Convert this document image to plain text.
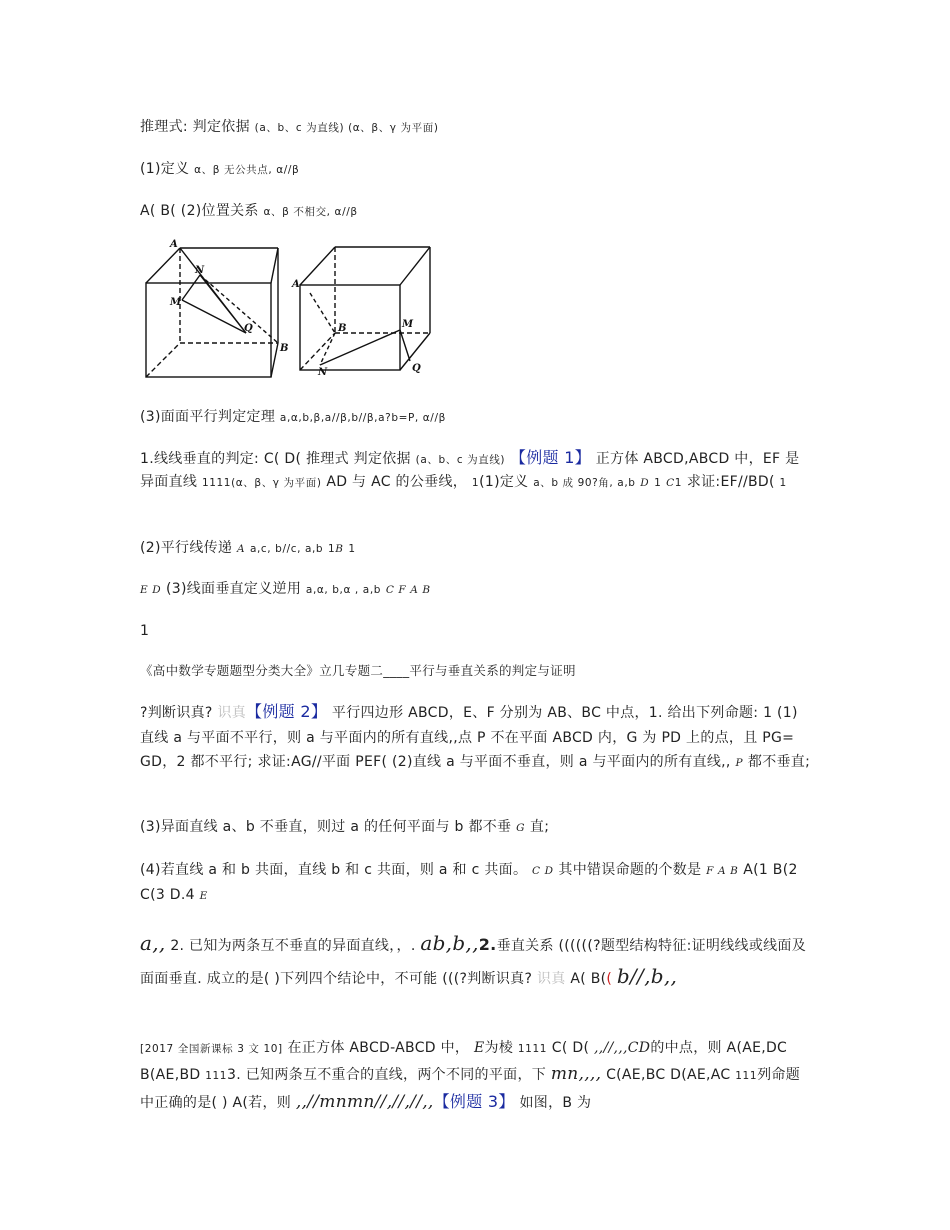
推理式: 判定依据 (a、b、c 为直线) (α、β、γ 为平面)
(1)定义 α、β 无公共点, α//β
A( B( (2)位置关系 α、β 不相交, α//β
A
N
M
Q
B
A
B	M
N	Q
(3)面面平行判定定理 a,α,b,β,a//β,b//β,a?b=P, α//β
1.线线垂直的判定: C( D( 推理式 判定依据 (a、b、c 为直线) 【例题 1】 正方体 ABCD,ABCD 中，EF 是异面直线 1111(α、β、γ 为平面) AD 与 AC 的公垂线， 1(1)定义 a、b 成 90?角, a,b D 1 C1 求证:EF//BD( 1
(2)平行线传递 A a,c, b//c, a,b 1B 1
E D (3)线面垂直定义逆用 a,α, b,α , a,b C F A B
1
《高中数学专题题型分类大全》立几专题二____平行与垂直关系的判定与证明
?判断识真? 识真【例题 2】 平行四边形 ABCD，E、F 分别为 AB、BC 中点，1. 给出下列命题: 1 (1)直线 a 与平面不平行，则 a 与平面内的所有直线,,点 P 不在平面 ABCD 内，G 为 PD 上的点，且 PG= GD，2 都不平行; 求证:AG//平面 PEF( (2)直线 a 与平面不垂直，则 a 与平面内的所有直线,, P 都不垂直;
(3)异面直线 a、b 不垂直，则过 a 的任何平面与 b 都不垂 G 直;
(4)若直线 a 和 b 共面，直线 b 和 c 共面，则 a 和 c 共面。 C D 其中错误命题的个数是 F A B A(1 B(2 C(3 D.4 E
a,, 2. 已知为两条互不垂直的异面直线，，. ab,b,,2.垂直关系 ((((((?题型结构特征:证明线线或线面及面面垂直. 成立的是( )下列四个结论中，不可能 (((?判断识真? 识真 A( B(( b//,b,,
[2017 全国新课标 3 文 10] 在正方体 ABCD-ABCD 中， E为棱 1111 C( D( ,,//,,,CD的中点，则 A(AE,DC B(AE,BD 1113. 已知两条互不重合的直线，两个不同的平面，下 mn,,,, C(AE,BC D(AE,AC 111列命题中正确的是( ) A(若，则 ,,//mnmn//,//,//,,【例题 3】 如图，B 为
